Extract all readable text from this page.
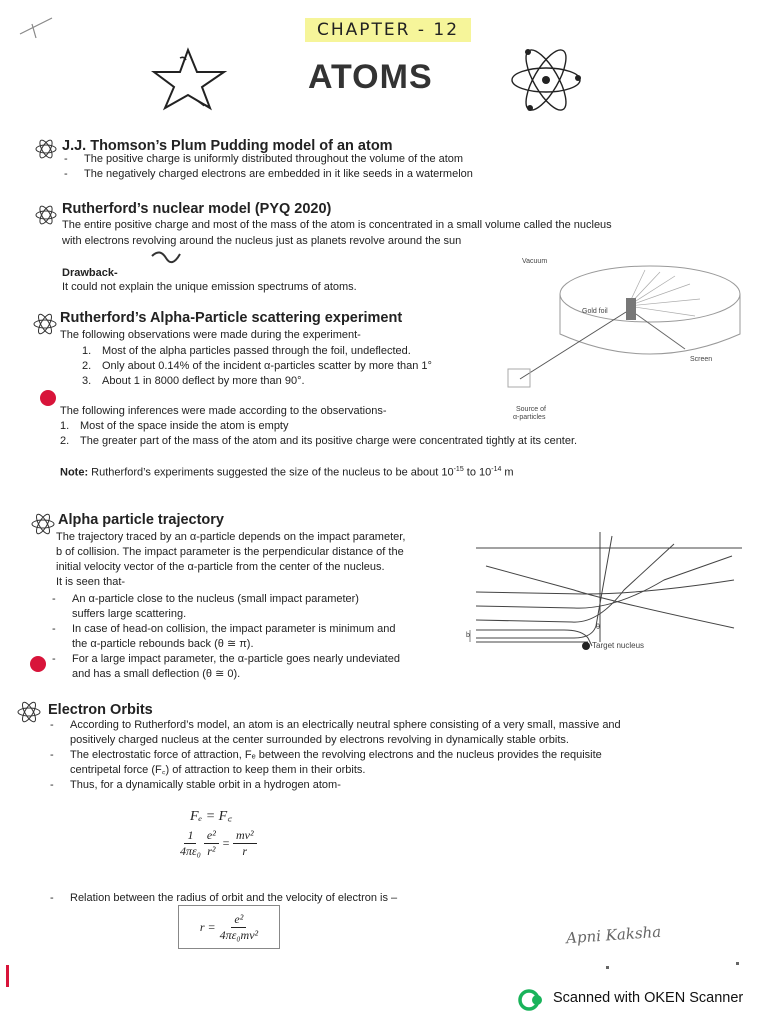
CHAPTER - 12
ATOMS
J.J. Thomson’s Plum Pudding model of an atom
- The positive charge is uniformly distributed throughout the volume of the atom
- The negatively charged electrons are embedded in it like seeds in a watermelon
Rutherford’s nuclear model (PYQ 2020)
The entire positive charge and most of the mass of the atom is concentrated in a small volume called the nucleus
with electrons revolving around the nucleus just as planets revolve around the sun
Drawback-
It could not explain the unique emission spectrums of atoms.
Vacuum
Gold foil
Screen
Source of
α-particles
Rutherford’s Alpha-Particle scattering experiment
The following observations were made during the experiment-
1. Most of the alpha particles passed through the foil, undeflected.
2. Only about 0.14% of the incident α-particles scatter by more than 1°
3. About 1 in 8000 deflect by more than 90°.
The following inferences were made according to the observations-
1. Most of the space inside the atom is empty
2. The greater part of the mass of the atom and its positive charge were concentrated tightly at its center.
Note: Rutherford’s experiments suggested the size of the nucleus to be about $10^{-15}$ to $10^{-14}$ m
Alpha particle trajectory
The trajectory traced by an α-particle depends on the impact parameter,
b of collision. The impact parameter is the perpendicular distance of the
initial velocity vector of the α-particle from the center of the nucleus.
It is seen that-
- An α-particle close to the nucleus (small impact parameter)
suffers large scattering.
- In case of head-on collision, the impact parameter is minimum and
the α-particle rebounds back (θ ≅ π).
- For a large impact parameter, the α-particle goes nearly undeviated
and has a small deflection (θ ≅ 0).
b
θ
Target nucleus
Electron Orbits
- According to Rutherford’s model, an atom is an electrically neutral sphere consisting of a very small, massive and
positively charged nucleus at the center surrounded by electrons revolving in dynamically stable orbits.
- The electrostatic force of attraction, Fₑ between the revolving electrons and the nucleus provides the requisite
centripetal force (F꜀) of attraction to keep them in their orbits.
- Thus, for a dynamically stable orbit in a hydrogen atom-
Fₑ = F꜀
$\frac{1}{\text{4πε₀}} \frac{\text{e²}}{\text{r²}} = \frac{\text{mv²}}{r}$
- Relation between the radius of orbit and the velocity of electron is –
$r = \frac{\text{e²}}{\text{4πε₀mv²}}$	Apni Kaksha
Scanned with OKEN Scanner
